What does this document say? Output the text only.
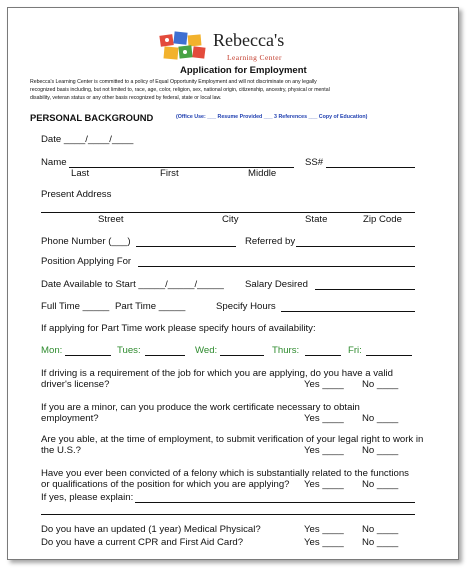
Rebecca's
Learning Center
Application for Employment
Rebecca's Learning Center is committed to a policy of Equal Opportunity Employment and will not discriminate on any legally
recognized basis including, but not limited to, race, age, color, religion, sex, national origin, citizenship, ancestry, physical or mental
disability, veteran status or any other basis recognized by federal, state or local law.
PERSONAL BACKGROUND	(Office Use: ___ Resume Provided ___ 3 References ___ Copy of Education)
Date ____/____/____
Name	SS#
Last	First	Middle
Present Address
Street	City	State	Zip Code
Phone Number (___)	Referred by
Position Applying For
Date Available to Start _____/_____/_____ Salary Desired
Full Time _____ Part Time _____	Specify Hours
If applying for Part Time work please specify hours of availability:
Mon:	Tues:	Wed:	Thurs:	Fri:
If driving is a requirement of the job for which you are applying, do you have a valid
driver's license?	Yes ____ No ____
If you are a minor, can you produce the work certificate necessary to obtain
employment?	Yes ____ No ____
Are you able, at the time of employment, to submit verification of your legal right to work in
the U.S.?	Yes ____ No ____
Have you ever been convicted of a felony which is substantially related to the functions
or qualifications of the position for which you are applying? Yes ____ No ____
If yes, please explain:
Do you have an updated (1 year) Medical Physical?	Yes ____ No ____
Do you have a current CPR and First Aid Card?	Yes ____ No ____
